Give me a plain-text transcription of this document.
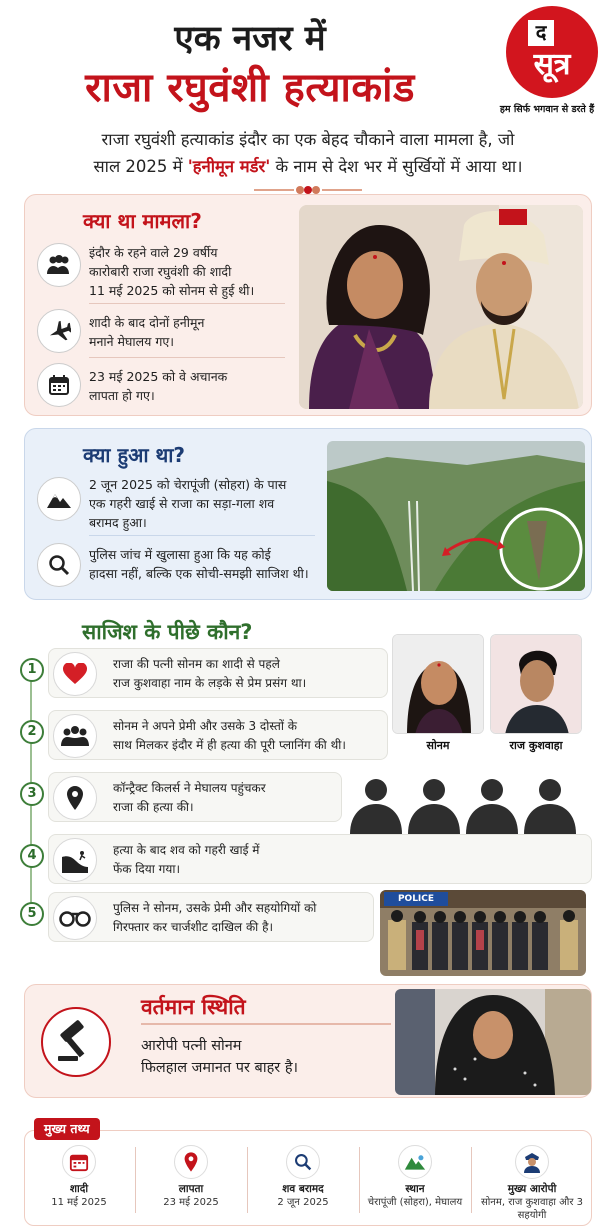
एक नजर में
राजा रघुवंशी हत्याकांड
द
सूत्र
हम सिर्फ भगवान से डरते हैं
राजा रघुवंशी हत्याकांड इंदौर का एक बेहद चौकाने वाला मामला है, जो
साल 2025 में 'हनीमून मर्डर' के नाम से देश भर में सुर्खियों में आया था।
क्या था मामला?
इंदौर के रहने वाले 29 वर्षीय
कारोबारी राजा रघुवंशी की शादी
11 मई 2025 को सोनम से हुई थी।
शादी के बाद दोनों हनीमून
मनाने मेघालय गए।
23 मई 2025 को वे अचानक
लापता हो गए।
क्या हुआ था?
2 जून 2025 को चेरापूंजी (सोहरा) के पास
एक गहरी खाई से राजा का सड़ा-गला शव
बरामद हुआ।
पुलिस जांच में खुलासा हुआ कि यह कोई
हादसा नहीं, बल्कि एक सोची-समझी साजिश थी।
साजिश के पीछे कौन?
1	राजा की पत्नी सोनम का शादी से पहले
राज कुशवाहा नाम के लड़के से प्रेम प्रसंग था।
2	सोनम ने अपने प्रेमी और उसके 3 दोस्तों के
साथ मिलकर इंदौर में ही हत्या की पूरी प्लानिंग की थी।	सोनम	राज कुशवाहा
3	कॉन्ट्रैक्ट किलर्स ने मेघालय पहुंचकर
राजा की हत्या की।
4	हत्या के बाद शव को गहरी खाई में
फेंक दिया गया।
5	पुलिस ने सोनम, उसके प्रेमी और सहयोगियों को
गिरफ्तार कर चार्जशीट दाखिल की है।
POLICE
वर्तमान स्थिति
आरोपी पत्नी सोनम
फिलहाल जमानत पर बाहर है।
शादी
11 मई 2025
लापता
23 मई 2025
शव बरामद
2 जून 2025
स्थान
चेरापूंजी (सोहरा), मेघालय
मुख्य आरोपी
सोनम, राज कुशवाहा और 3 सहयोगी
मुख्य तथ्य
